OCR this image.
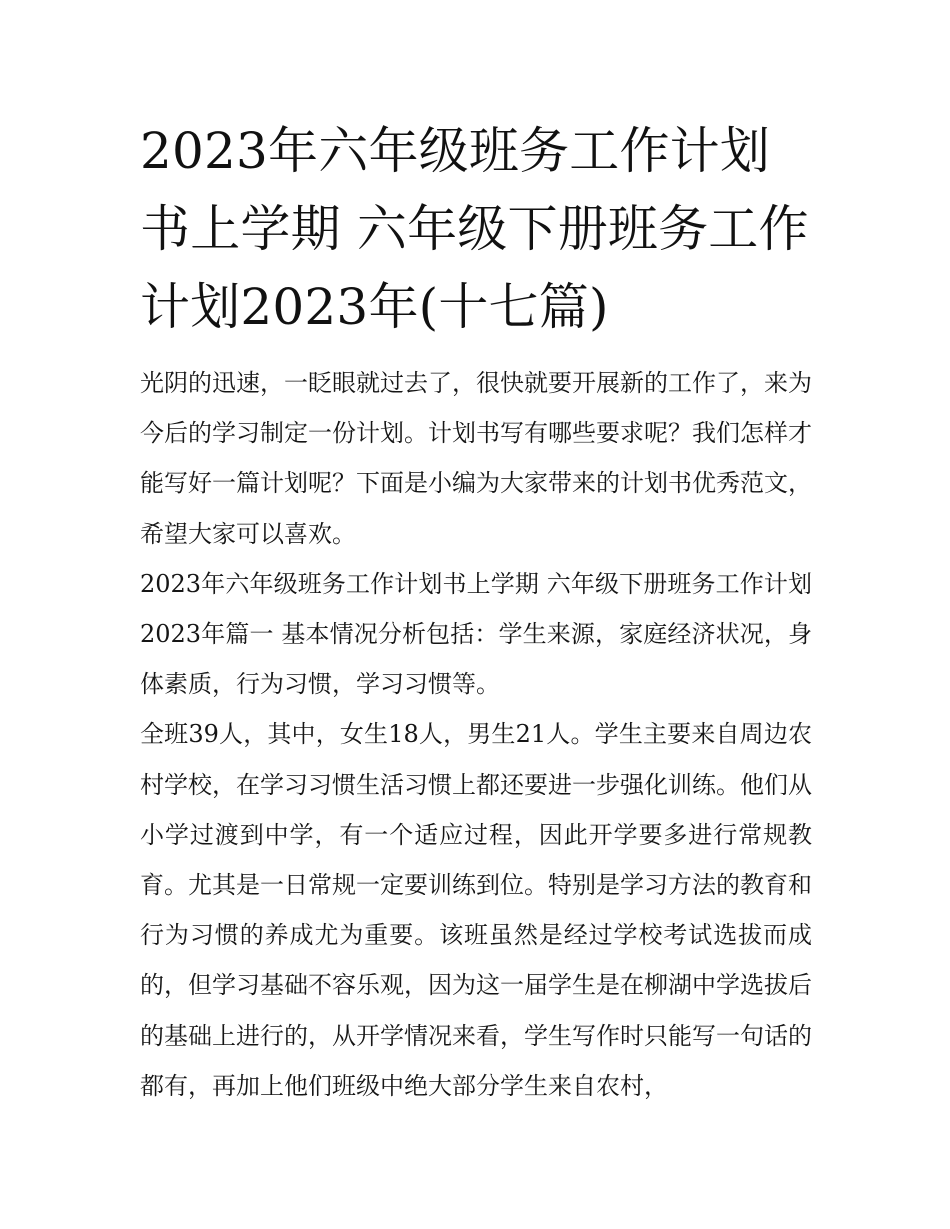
2023年六年级班务工作计划书上学期 六年级下册班务工作计划2023年(十七篇)

光阴的迅速，一眨眼就过去了，很快就要开展新的工作了，来为今后的学习制定一份计划。计划书写有哪些要求呢？我们怎样才能写好一篇计划呢？下面是小编为大家带来的计划书优秀范文，希望大家可以喜欢。

2023年六年级班务工作计划书上学期 六年级下册班务工作计划2023年篇一 基本情况分析包括：学生来源，家庭经济状况，身体素质，行为习惯，学习习惯等。

全班39人，其中，女生18人，男生21人。学生主要来自周边农村学校，在学习习惯生活习惯上都还要进一步强化训练。他们从小学过渡到中学，有一个适应过程，因此开学要多进行常规教育。尤其是一日常规一定要训练到位。特别是学习方法的教育和行为习惯的养成尤为重要。该班虽然是经过学校考试选拔而成的，但学习基础不容乐观，因为这一届学生是在柳湖中学选拔后的基础上进行的，从开学情况来看，学生写作时只能写一句话的都有，再加上他们班级中绝大部分学生来自农村，
